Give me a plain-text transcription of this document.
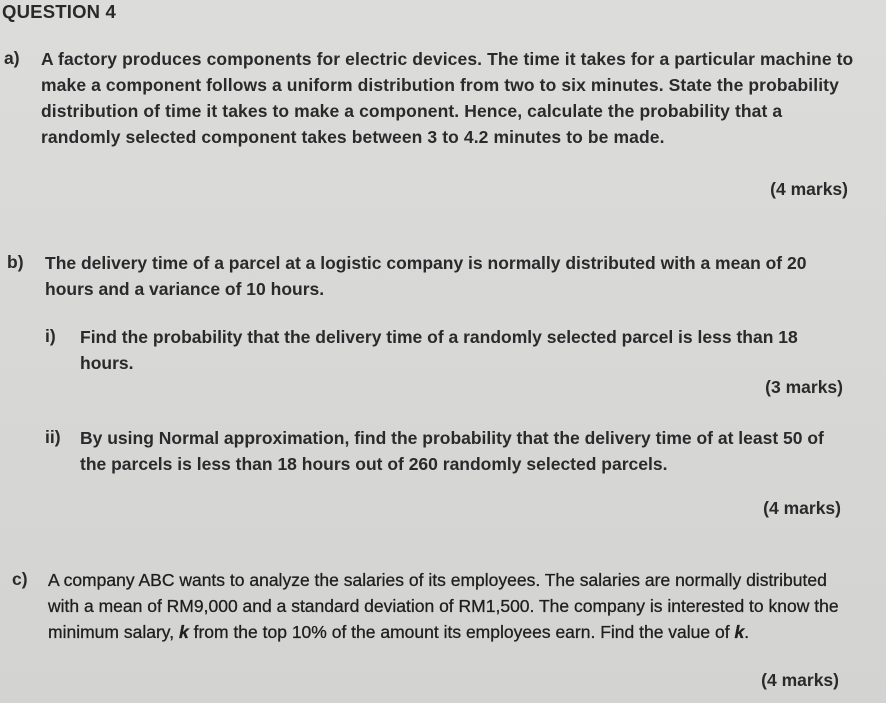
QUESTION 4
a) A factory produces components for electric devices. The time it takes for a particular machine to make a component follows a uniform distribution from two to six minutes. State the probability distribution of time it takes to make a component. Hence, calculate the probability that a randomly selected component takes between 3 to 4.2 minutes to be made.
(4 marks)
b) The delivery time of a parcel at a logistic company is normally distributed with a mean of 20 hours and a variance of 10 hours.
i) Find the probability that the delivery time of a randomly selected parcel is less than 18 hours.
(3 marks)
ii) By using Normal approximation, find the probability that the delivery time of at least 50 of the parcels is less than 18 hours out of 260 randomly selected parcels.
(4 marks)
c) A company ABC wants to analyze the salaries of its employees. The salaries are normally distributed with a mean of RM9,000 and a standard deviation of RM1,500. The company is interested to know the minimum salary, k from the top 10% of the amount its employees earn. Find the value of k.
(4 marks)
